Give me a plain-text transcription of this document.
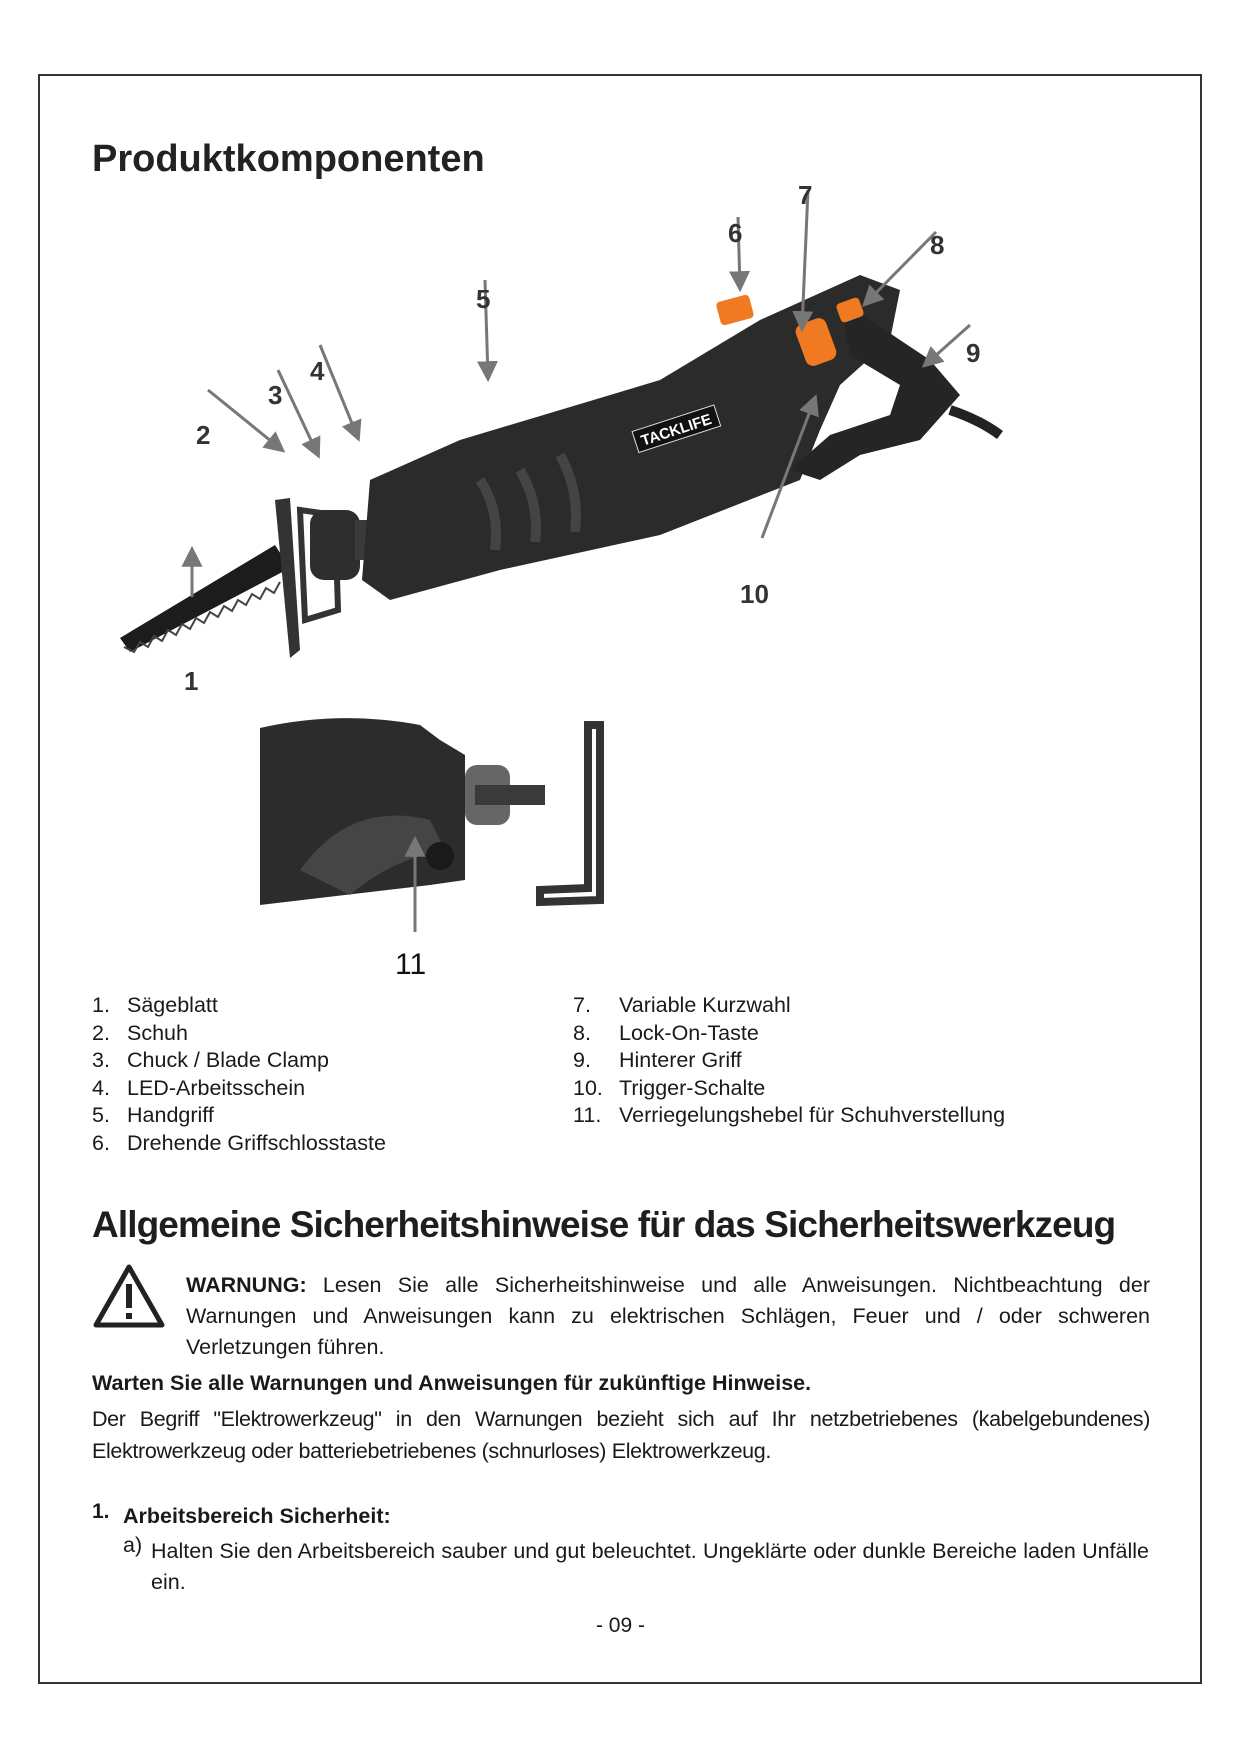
Produktkomponenten
TACKLIFE
1
2
3
4
5
6
7
8
9
10
11
1. Sägeblatt
2. Schuh
3. Chuck / Blade Clamp
4. LED-Arbeitsschein
5. Handgriff
6. Drehende Griffschlosstaste
7.	Variable Kurzwahl
8.	Lock-On-Taste
9.	Hinterer Griff
10. Trigger-Schalte
11. Verriegelungshebel für Schuhverstellung
Allgemeine Sicherheitshinweise für das Sicherheitswerkzeug
WARNUNG: Lesen Sie alle Sicherheitshinweise und alle Anweisungen. Nichtbeachtung der Warnungen und Anweisungen kann zu elektrischen Schlägen, Feuer und / oder schweren Verletzungen führen.
Warten Sie alle Warnungen und Anweisungen für zukünftige Hinweise.
Der Begriff "Elektrowerkzeug" in den Warnungen bezieht sich auf Ihr netzbetriebenes (kabelgebundenes) Elektrowerkzeug oder batteriebetriebenes (schnurloses) Elektrowerkzeug.
1. Arbeitsbereich Sicherheit:
a) Halten Sie den Arbeitsbereich sauber und gut beleuchtet. Ungeklärte oder dunkle Bereiche laden Unfälle ein.
- 09 -
